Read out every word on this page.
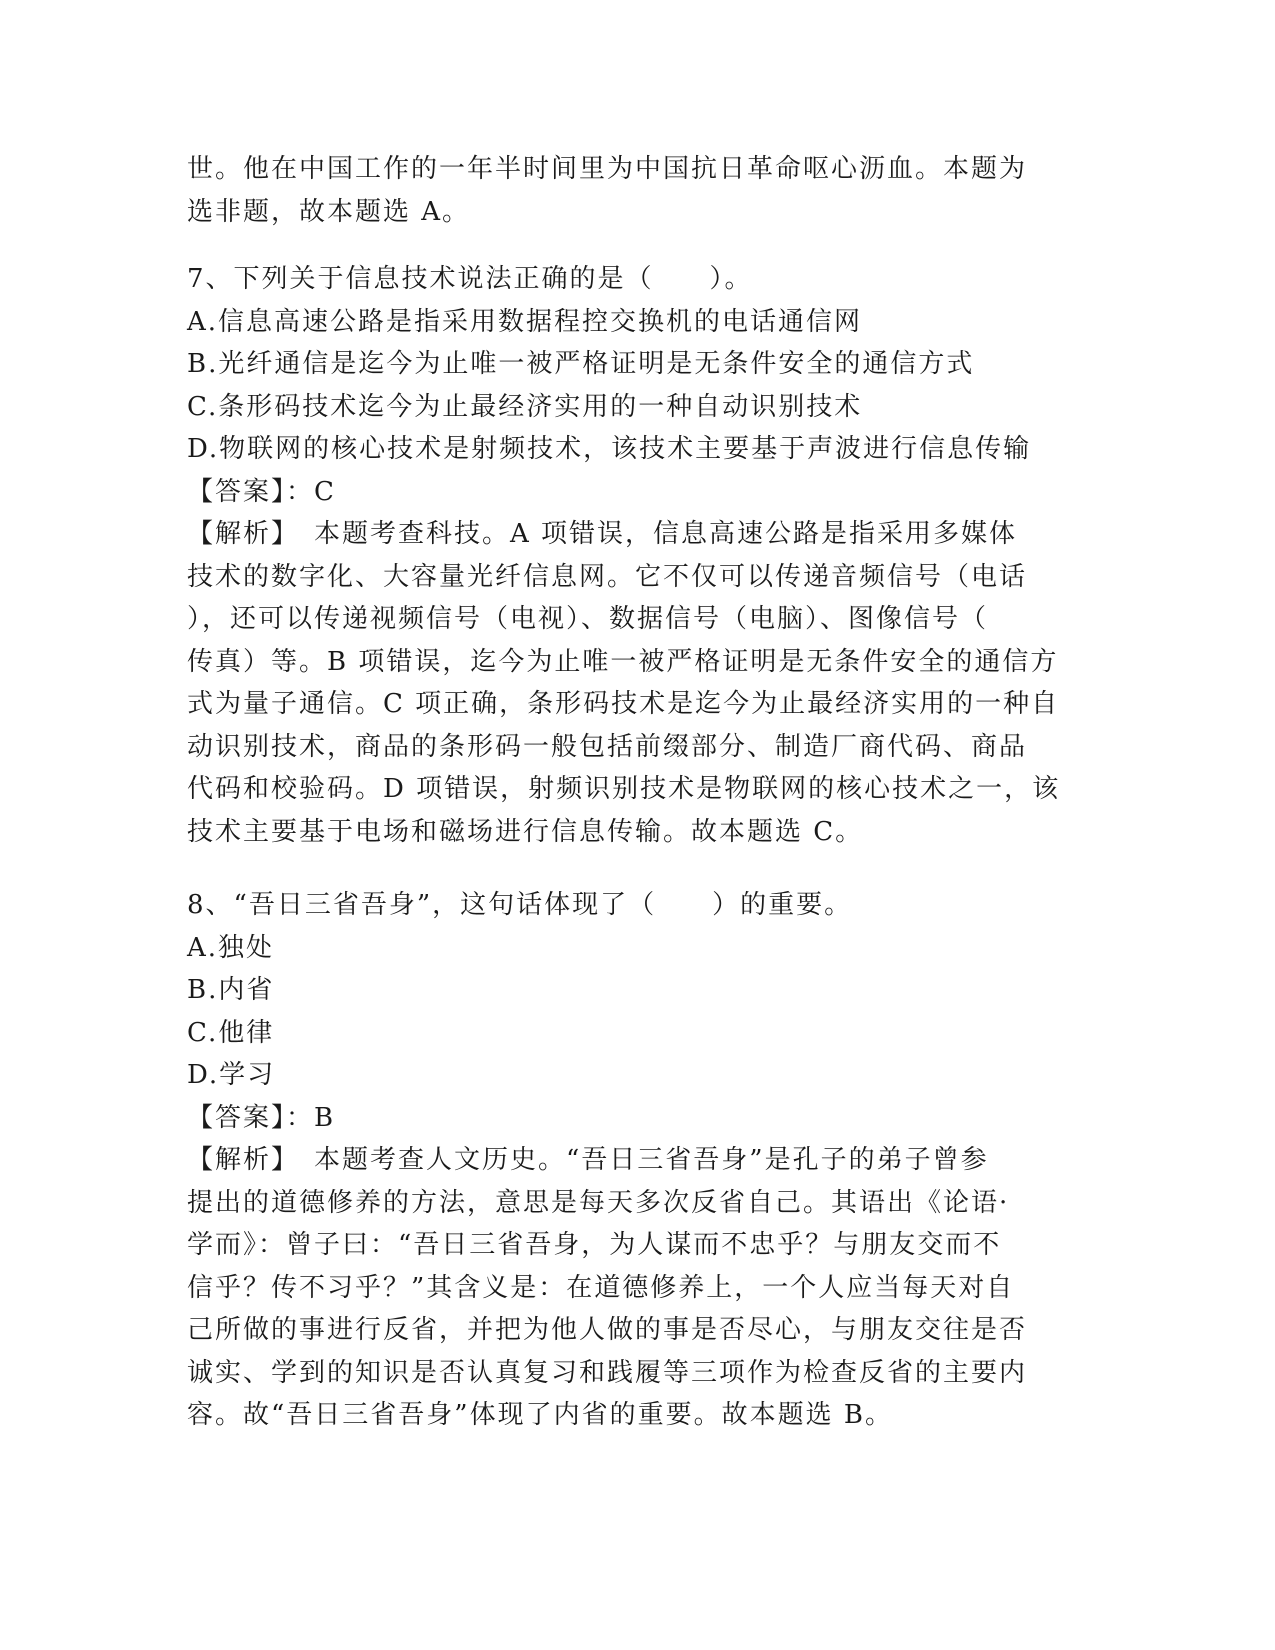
世。他在中国工作的一年半时间里为中国抗日革命呕心沥血。本题为
选非题，故本题选 A。
7、下列关于信息技术说法正确的是（　　）。
A.信息高速公路是指采用数据程控交换机的电话通信网
B.光纤通信是迄今为止唯一被严格证明是无条件安全的通信方式
C.条形码技术迄今为止最经济实用的一种自动识别技术
D.物联网的核心技术是射频技术，该技术主要基于声波进行信息传输
【答案】：C
【解析】　本题考查科技。A 项错误，信息高速公路是指采用多媒体
技术的数字化、大容量光纤信息网。它不仅可以传递音频信号（电话
），还可以传递视频信号（电视）、数据信号（电脑）、图像信号（
传真）等。B 项错误，迄今为止唯一被严格证明是无条件安全的通信方
式为量子通信。C 项正确，条形码技术是迄今为止最经济实用的一种自
动识别技术，商品的条形码一般包括前缀部分、制造厂商代码、商品
代码和校验码。D 项错误，射频识别技术是物联网的核心技术之一，该
技术主要基于电场和磁场进行信息传输。故本题选 C。
8、“吾日三省吾身”，这句话体现了（　　）的重要。
A.独处
B.内省
C.他律
D.学习
【答案】：B
【解析】　本题考查人文历史。“吾日三省吾身”是孔子的弟子曾参
提出的道德修养的方法，意思是每天多次反省自己。其语出《论语·
学而》：曾子曰：“吾日三省吾身，为人谋而不忠乎？与朋友交而不
信乎？传不习乎？”其含义是：在道德修养上，一个人应当每天对自
己所做的事进行反省，并把为他人做的事是否尽心，与朋友交往是否
诚实、学到的知识是否认真复习和践履等三项作为检查反省的主要内
容。故“吾日三省吾身”体现了内省的重要。故本题选 B。
